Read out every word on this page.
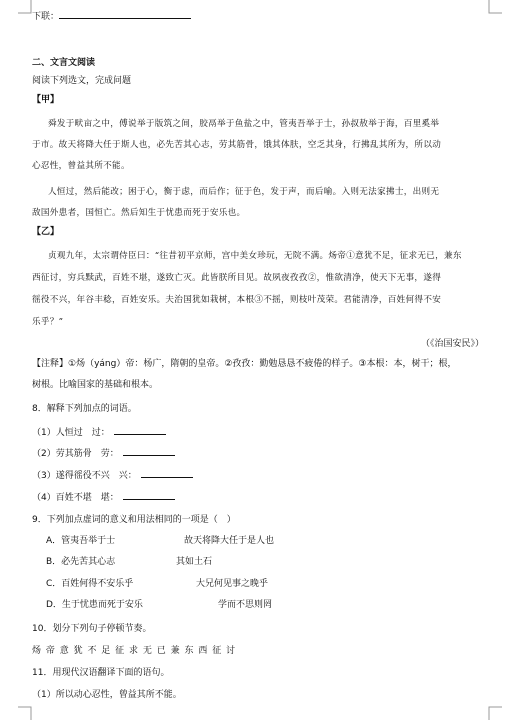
下联：
二、文言文阅读
阅读下列选文，完成问题
【甲】
舜发于畎亩之中，傅说举于版筑之间，胶鬲举于鱼盐之中，管夷吾举于士，孙叔敖举于海，百里奚举
于市。故天将降大任于斯人也，必先苦其心志，劳其筋骨，饿其体肤，空乏其身，行拂乱其所为，所以动
心忍性，曾益其所不能。
人恒过，然后能改；困于心，衡于虑，而后作；征于色，发于声，而后喻。入则无法家拂士，出则无
敌国外患者，国恒亡。然后知生于忧患而死于安乐也。
【乙】
贞观九年，太宗谓侍臣曰：“往昔初平京师，宫中美女珍玩，无院不满。炀帝①意犹不足，征求无已，兼东
西征讨，穷兵黩武，百姓不堪，遂致亡灭。此皆朕所目见。故夙夜孜孜②，惟欲清净，使天下无事，遂得
徭役不兴，年谷丰稔，百姓安乐。夫治国犹如栽树，本根③不摇，则枝叶茂荣。君能清净，百姓何得不安
乐乎？”
（《治国安民》）
【注释】①炀（yáng）帝：杨广，隋朝的皇帝。②孜孜：勤勉恳恳不疲倦的样子。③本根：本，树干；根，
树根。比喻国家的基础和根本。
8．解释下列加点的词语。
（1）人恒过　过：
（2）劳其筋骨　劳：
（3）遂得徭役不兴　兴：
（4）百姓不堪　堪：
9．下列加点虚词的意义和用法相同的一项是（　）
A．管夷吾举于士	故天将降大任于是人也
B．必先苦其心志	其如土石
C．百姓何得不安乐乎	大兄何见事之晚乎
D．生于忧患而死于安乐	学而不思则罔
10．划分下列句子停顿节奏。
炀 帝 意 犹 不 足 征 求 无 已 兼 东 西 征 讨
11．用现代汉语翻译下面的语句。
（1）所以动心忍性，曾益其所不能。
